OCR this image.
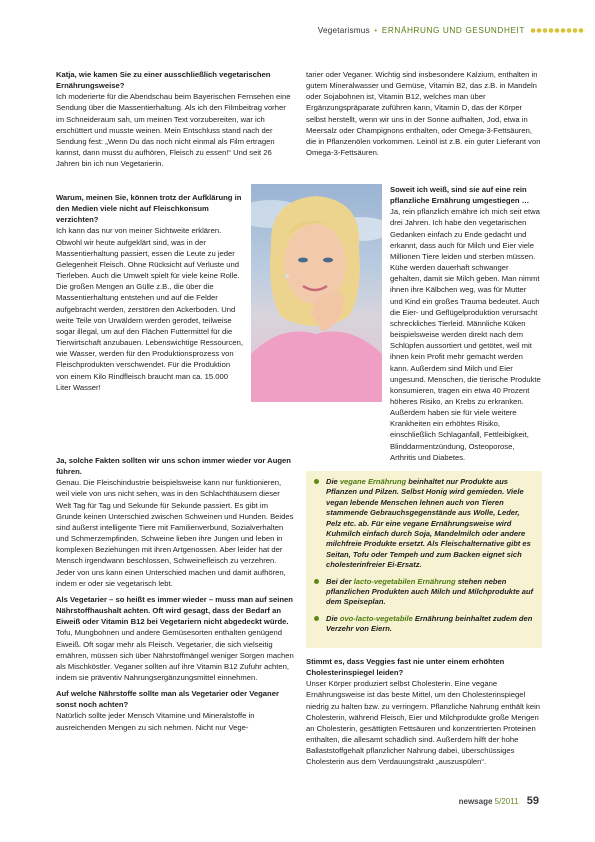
Vegetarismus • ERNÄHRUNG UND GESUNDHEIT

Katja, wie kamen Sie zu einer ausschließlich vegetarischen Ernährungsweise?

Ich moderierte für die Abendschau beim Bayerischen Fernsehen eine Sendung über die Massentierhaltung. Als ich den Filmbeitrag vorher im Schneideraum sah, um meinen Text vorzubereiten, war ich erschüttert und musste weinen. Mein Entschluss stand nach der Sendung fest: „Wenn Du das noch nicht einmal als Film ertragen kannst, dann musst du aufhören, Fleisch zu essen!“ Und seit 26 Jahren bin ich nun Vegetarierin.

tarier oder Veganer. Wichtig sind insbesondere Kalzium, enthalten in gutem Mineralwasser und Gemüse, Vitamin B2, das z.B. in Mandeln oder Sojabohnen ist, Vitamin B12, welches man über Ergänzungspräparate zuführen kann, Vitamin D, das der Körper selbst herstellt, wenn wir uns in der Sonne aufhalten, Jod, etwa in Meersalz oder Champignons enthalten, oder Omega-3-Fettsäuren, die in Pflanzenölen vorkommen. Leinöl ist z.B. ein guter Lieferant von Omega-3-Fettsäuren.

Warum, meinen Sie, können trotz der Aufklärung in den Medien viele nicht auf Fleischkonsum verzichten?

Ich kann das nur von meiner Sichtweite erklären. Obwohl wir heute aufgeklärt sind, was in der Massentierhaltung passiert, essen die Leute zu jeder Gelegenheit Fleisch. Ohne Rücksicht auf Verluste und Tierleben. Auch die Umwelt spielt für viele keine Rolle. Die großen Mengen an Gülle z.B., die über die Massentierhaltung entstehen und auf die Felder aufgebracht werden, zerstören den Ackerboden. Und weite Teile von Urwäldern werden gerodet, teilweise sogar illegal, um auf den Flächen Futtermittel für die Tierwirtschaft anzubauen. Lebenswichtige Ressourcen, wie Wasser, werden für den Produktionsprozess von Fleischprodukten verschwendet. Für die Produktion von einem Kilo Rindfleisch braucht man ca. 15.000 Liter Wasser!

Soweit ich weiß, sind sie auf eine rein pflanzliche Ernährung umgestiegen …

Ja, rein pflanzlich ernähre ich mich seit etwa drei Jahren. Ich habe den vegetarischen Gedanken einfach zu Ende gedacht und erkannt, dass auch für Milch und Eier viele Millionen Tiere leiden und sterben müssen. Kühe werden dauerhaft schwanger gehalten, damit sie Milch geben. Man nimmt ihnen ihre Kälbchen weg, was für Mutter und Kind ein großes Trauma bedeutet. Auch die Eier- und Geflügelproduktion verursacht schreckliches Tierleid. Männliche Küken beispielsweise werden direkt nach dem Schlüpfen aussortiert und getötet, weil mit ihnen kein Profit mehr gemacht werden kann. Außerdem sind Milch und Eier ungesund. Menschen, die tierische Produkte konsumieren, tragen ein etwa 40 Prozent höheres Risiko, an Krebs zu erkranken. Außerdem haben sie für viele weitere Krankheiten ein erhöhtes Risiko, einschließlich Schlaganfall, Fettleibigkeit, Blinddarmentzündung, Osteoporose, Arthritis und Diabetes.

Ja, solche Fakten sollten wir uns schon immer wieder vor Augen führen.

Genau. Die Fleischindustrie beispielsweise kann nur funktionieren, weil viele von uns nicht sehen, was in den Schlachthäusern dieser Welt Tag für Tag und Sekunde für Sekunde passiert. Es gibt im Grunde keinen Unterschied zwischen Schweinen und Hunden. Beides sind äußerst intelligente Tiere mit Familienverbund, Sozialverhalten und Schmerzempfinden. Schweine lieben ihre Jungen und leben in komplexen Beziehungen mit ihren Artgenossen. Aber leider hat der Mensch irgendwann beschlossen, Schweinefleisch zu verzehren. Jeder von uns kann einen Unterschied machen und damit aufhören, indem er oder sie vegetarisch lebt.

Als Vegetarier – so heißt es immer wieder – muss man auf seinen Nährstoffhaushalt achten. Oft wird gesagt, dass der Bedarf an Eiweiß oder Vitamin B12 bei Vegetariern nicht abgedeckt würde.

Tofu, Mungbohnen und andere Gemüsesorten enthalten genügend Eiweiß. Oft sogar mehr als Fleisch. Vegetarier, die sich vielseitig ernähren, müssen sich über Nährstoffmängel weniger Sorgen machen als Mischköstler. Veganer sollten auf ihre Vitamin B12 Zufuhr achten, indem sie präventiv Nahrungsergänzungsmittel einnehmen.

Auf welche Nährstoffe sollte man als Vegetarier oder Veganer sonst noch achten?

Natürlich sollte jeder Mensch Vitamine und Mineralstoffe in ausreichenden Mengen zu sich nehmen. Nicht nur Vege-

Die vegane Ernährung beinhaltet nur Produkte aus Pflanzen und Pilzen. Selbst Honig wird gemieden. Viele vegan lebende Menschen lehnen auch von Tieren stammende Gebrauchsgegenstände aus Wolle, Leder, Pelz etc. ab. Für eine vegane Ernährungsweise wird Kuhmilch einfach durch Soja, Mandelmilch oder andere milchfreie Produkte ersetzt. Als Fleischalternative gibt es Seitan, Tofu oder Tempeh und zum Backen eignet sich cholesterinfreier Ei-Ersatz.
Bei der lacto-vegetabilen Ernährung stehen neben pflanzlichen Produkten auch Milch und Milchprodukte auf dem Speiseplan.
Die ovo-lacto-vegetabile Ernährung beinhaltet zudem den Verzehr von Eiern.

Stimmt es, dass Veggies fast nie unter einem erhöhten Cholesterinspiegel leiden?

Unser Körper produziert selbst Cholesterin. Eine vegane Ernährungsweise ist das beste Mittel, um den Cholesterinspiegel niedrig zu halten bzw. zu verringern. Pflanzliche Nahrung enthält kein Cholesterin, während Fleisch, Eier und Milchprodukte große Mengen an Cholesterin, gesättigten Fettsäuren und konzentrierten Proteinen enthalten, die allesamt schädlich sind. Außerdem hilft der hohe Ballaststoffgehalt pflanzlicher Nahrung dabei, überschüssiges Cholesterin aus dem Verdauungstrakt „auszuspülen“.

newsage 5/2011 59
